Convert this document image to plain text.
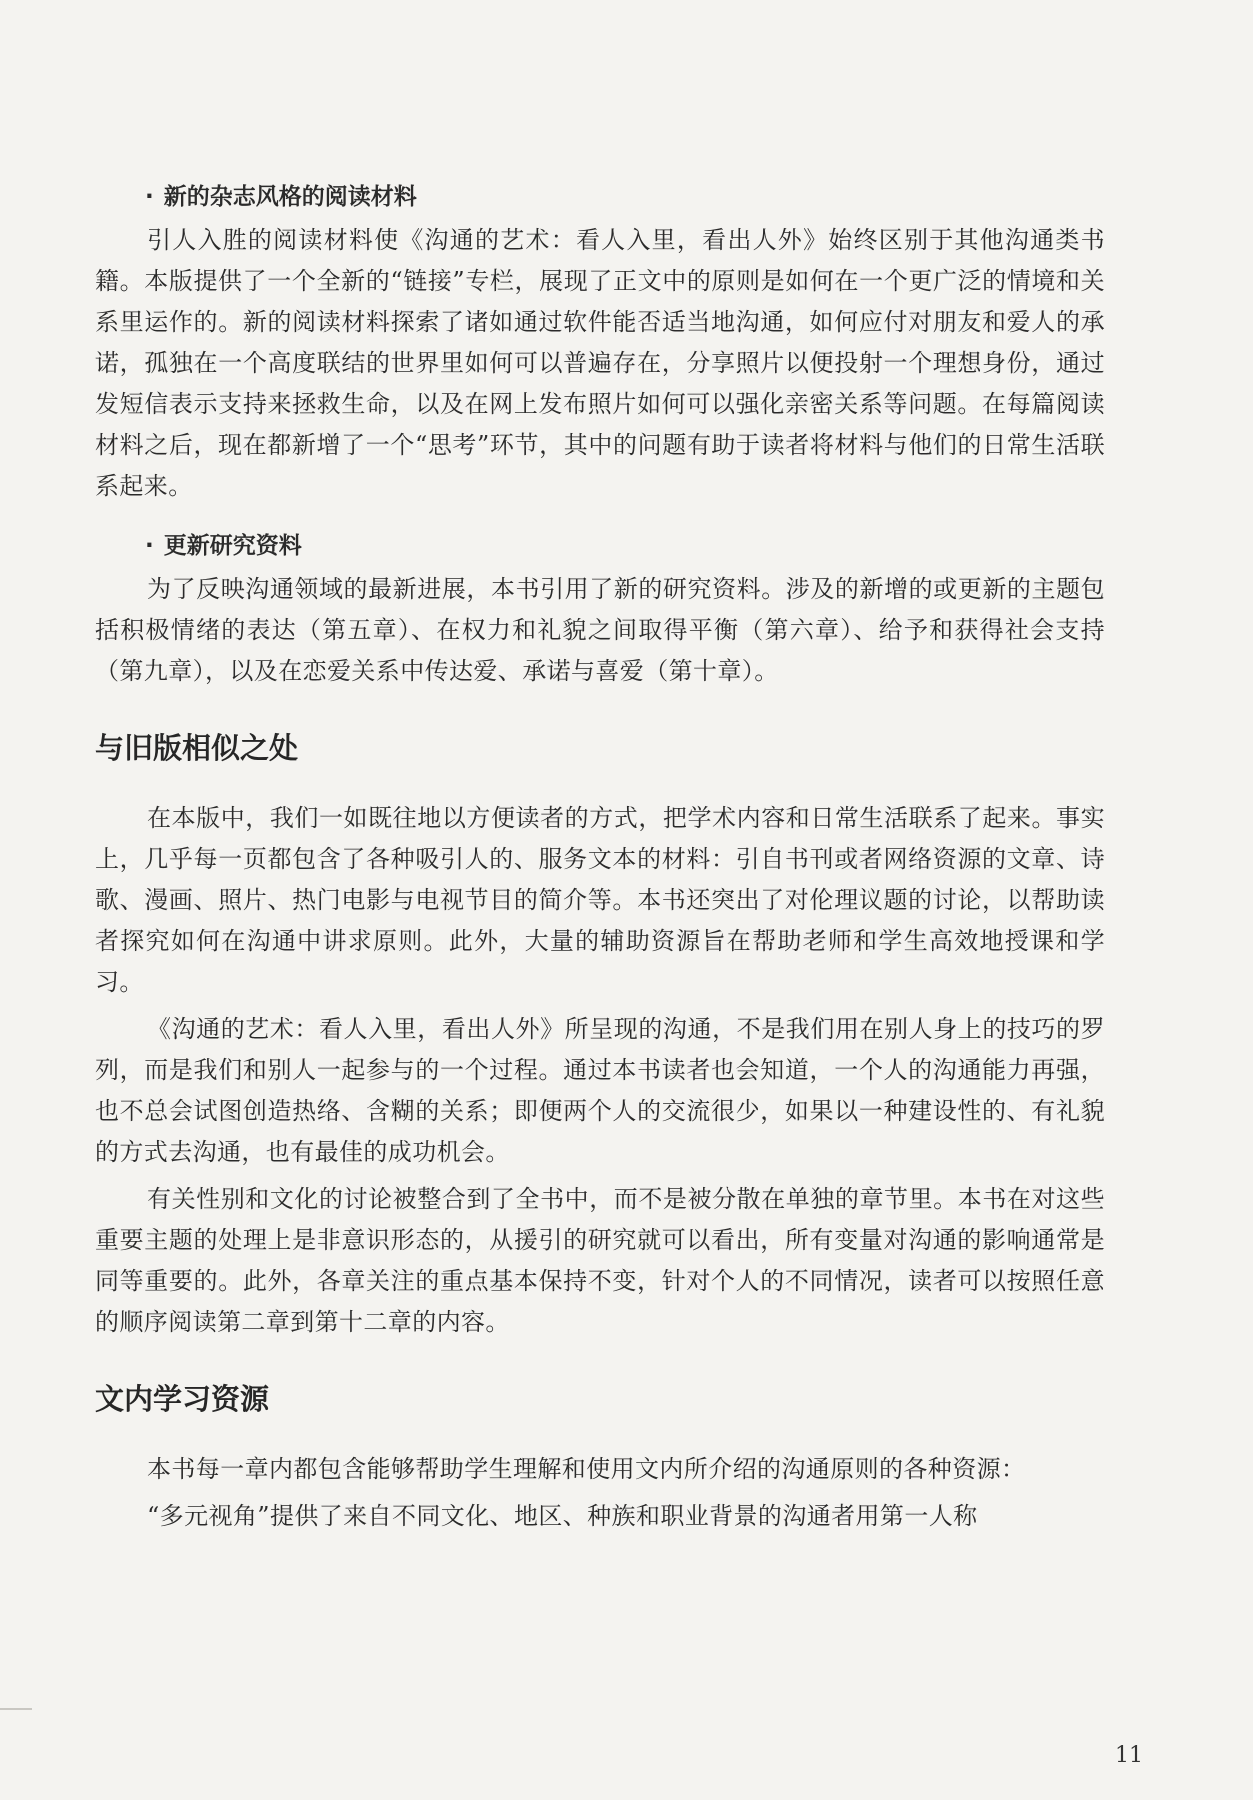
· 新的杂志风格的阅读材料

引人入胜的阅读材料使《沟通的艺术：看人入里，看出人外》始终区别于其他沟通类书籍。本版提供了一个全新的“链接”专栏，展现了正文中的原则是如何在一个更广泛的情境和关系里运作的。新的阅读材料探索了诸如通过软件能否适当地沟通，如何应付对朋友和爱人的承诺，孤独在一个高度联结的世界里如何可以普遍存在，分享照片以便投射一个理想身份，通过发短信表示支持来拯救生命，以及在网上发布照片如何可以强化亲密关系等问题。在每篇阅读材料之后，现在都新增了一个“思考”环节，其中的问题有助于读者将材料与他们的日常生活联系起来。

· 更新研究资料

为了反映沟通领域的最新进展，本书引用了新的研究资料。涉及的新增的或更新的主题包括积极情绪的表达（第五章）、在权力和礼貌之间取得平衡（第六章）、给予和获得社会支持（第九章），以及在恋爱关系中传达爱、承诺与喜爱（第十章）。

与旧版相似之处

在本版中，我们一如既往地以方便读者的方式，把学术内容和日常生活联系了起来。事实上，几乎每一页都包含了各种吸引人的、服务文本的材料：引自书刊或者网络资源的文章、诗歌、漫画、照片、热门电影与电视节目的简介等。本书还突出了对伦理议题的讨论，以帮助读者探究如何在沟通中讲求原则。此外，大量的辅助资源旨在帮助老师和学生高效地授课和学习。

《沟通的艺术：看人入里，看出人外》所呈现的沟通，不是我们用在别人身上的技巧的罗列，而是我们和别人一起参与的一个过程。通过本书读者也会知道，一个人的沟通能力再强，也不总会试图创造热络、含糊的关系；即便两个人的交流很少，如果以一种建设性的、有礼貌的方式去沟通，也有最佳的成功机会。

有关性别和文化的讨论被整合到了全书中，而不是被分散在单独的章节里。本书在对这些重要主题的处理上是非意识形态的，从援引的研究就可以看出，所有变量对沟通的影响通常是同等重要的。此外，各章关注的重点基本保持不变，针对个人的不同情况，读者可以按照任意的顺序阅读第二章到第十二章的内容。

文内学习资源

本书每一章内都包含能够帮助学生理解和使用文内所介绍的沟通原则的各种资源：

“多元视角”提供了来自不同文化、地区、种族和职业背景的沟通者用第一人称

11
